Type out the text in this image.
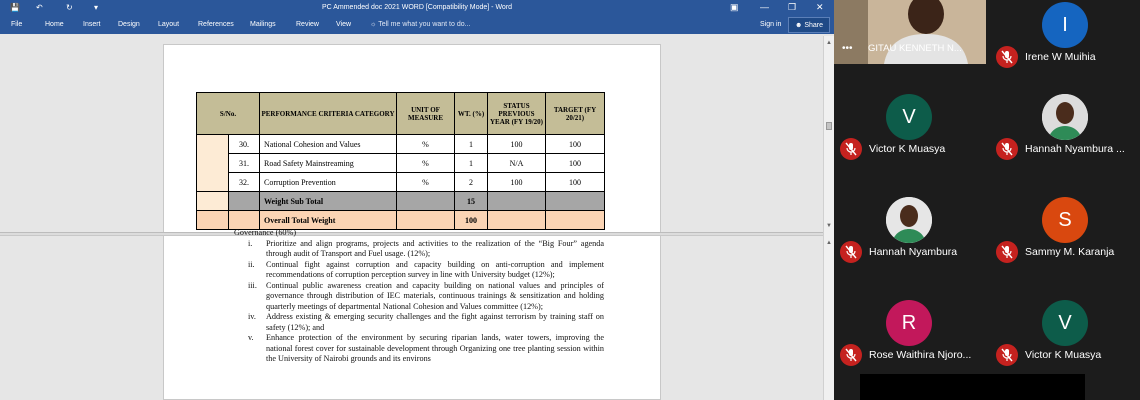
💾 ↶	↻	▾	PC Ammended doc 2021 WORD [Compatibility Mode] - Word	▣ — ❐ ✕
File	Home	Insert Design	Layout	References Mailings	Review View	☼ Tell me what you want to do...	Sign in	☻ Share
S/No.		PERFORMANCE CRITERIA CATEGORY	UNIT OF MEASURE	WT. (%)	STATUS PREVIOUS YEAR (FY 19/20)	TARGET (FY 20/21)
	30.	National Cohesion and Values	%	1	100	100
	31.	Road Safety Mainstreaming	%	1	N/A	100
	32.	Corruption Prevention	%	2	100	100
		Weight Sub Total		15		
		Overall Total Weight		100		
Governance (60%)
i.	Prioritize and align programs, projects and activities to the realization of the “Big Four” agenda through audit of Transport and Fuel usage. (12%);
ii.	Continual fight against corruption and capacity building on anti-corruption and implement recommendations of corruption perception survey in line with University budget (12%);
iii.	Continual public awareness creation and capacity building on national values and principles of governance through distribution of IEC materials, continuous trainings & sensitization and holding quarterly meetings of departmental National Cohesion and Values committee (12%);
iv.	Address existing & emerging security challenges and the fight against terrorism by training staff on safety (12%); and
v.	Enhance protection of the environment by securing riparian lands, water towers, improving the national forest cover for sustainable development through Organizing one tree planting session within the University of Nairobi grounds and its environs
▲
▼
▲
I
Irene W Muihia
V
Victor K Muasya	Hannah Nyambura ...
Hannah Nyambura
S
Sammy M. Karanja
R
Rose Waithira Njoro...
V
Victor K Muasya
••• GITAU KENNETH N...
